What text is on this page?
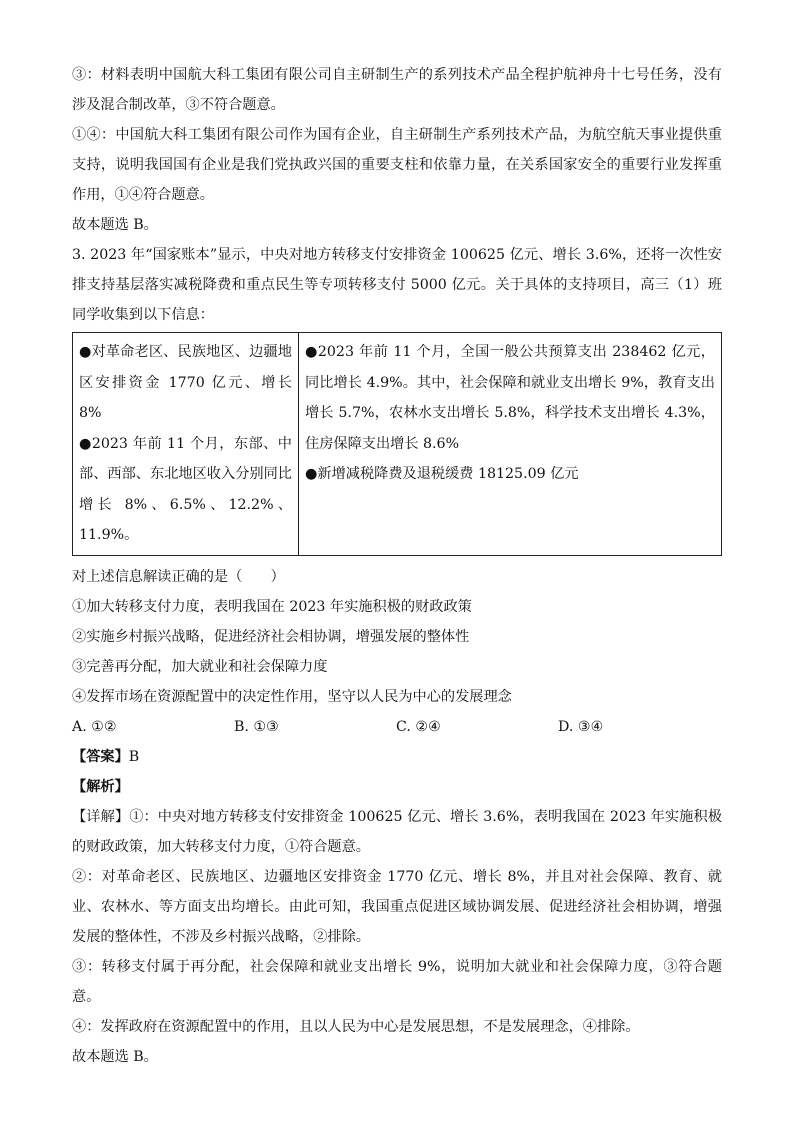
③：材料表明中国航大科工集团有限公司自主研制生产的系列技术产品全程护航神舟十七号任务，没有涉及混合制改革，③不符合题意。

①④：中国航大科工集团有限公司作为国有企业，自主研制生产系列技术产品，为航空航天事业提供重支持，说明我国国有企业是我们党执政兴国的重要支柱和依靠力量，在关系国家安全的重要行业发挥重作用，①④符合题意。

故本题选 B。

3. 2023 年“国家账本”显示，中央对地方转移支付安排资金 100625 亿元、增长 3.6%，还将一次性安排支持基层落实减税降费和重点民生等专项转移支付 5000 亿元。关于具体的支持项目，高三（1）班同学收集到以下信息：

●对革命老区、民族地区、边疆地区安排资金 1770 亿元、增长 8%
●2023 年前 11 个月，东部、中部、西部、东北地区收入分别同比增长 8%、6.5%、12.2%、11.9%。
●2023 年前 11 个月，全国一般公共预算支出 238462 亿元，同比增长 4.9%。其中，社会保障和就业支出增长 9%，教育支出增长 5.7%，农林水支出增长 5.8%，科学技术支出增长 4.3%，住房保障支出增长 8.6%
●新增减税降费及退税缓费 18125.09 亿元

对上述信息解读正确的是（　　）

①加大转移支付力度，表明我国在 2023 年实施积极的财政政策

②实施乡村振兴战略，促进经济社会相协调，增强发展的整体性

③完善再分配，加大就业和社会保障力度

④发挥市场在资源配置中的决定性作用，坚守以人民为中心的发展理念

A. ①②	B. ①③	C. ②④	D. ③④

【答案】B

【解析】

【详解】①：中央对地方转移支付安排资金 100625 亿元、增长 3.6%，表明我国在 2023 年实施积极的财政政策，加大转移支付力度，①符合题意。

②：对革命老区、民族地区、边疆地区安排资金 1770 亿元、增长 8%，并且对社会保障、教育、就业、农林水、等方面支出均增长。由此可知，我国重点促进区域协调发展、促进经济社会相协调，增强发展的整体性，不涉及乡村振兴战略，②排除。

③：转移支付属于再分配，社会保障和就业支出增长 9%，说明加大就业和社会保障力度，③符合题意。

④：发挥政府在资源配置中的作用，且以人民为中心是发展思想，不是发展理念，④排除。

故本题选 B。
